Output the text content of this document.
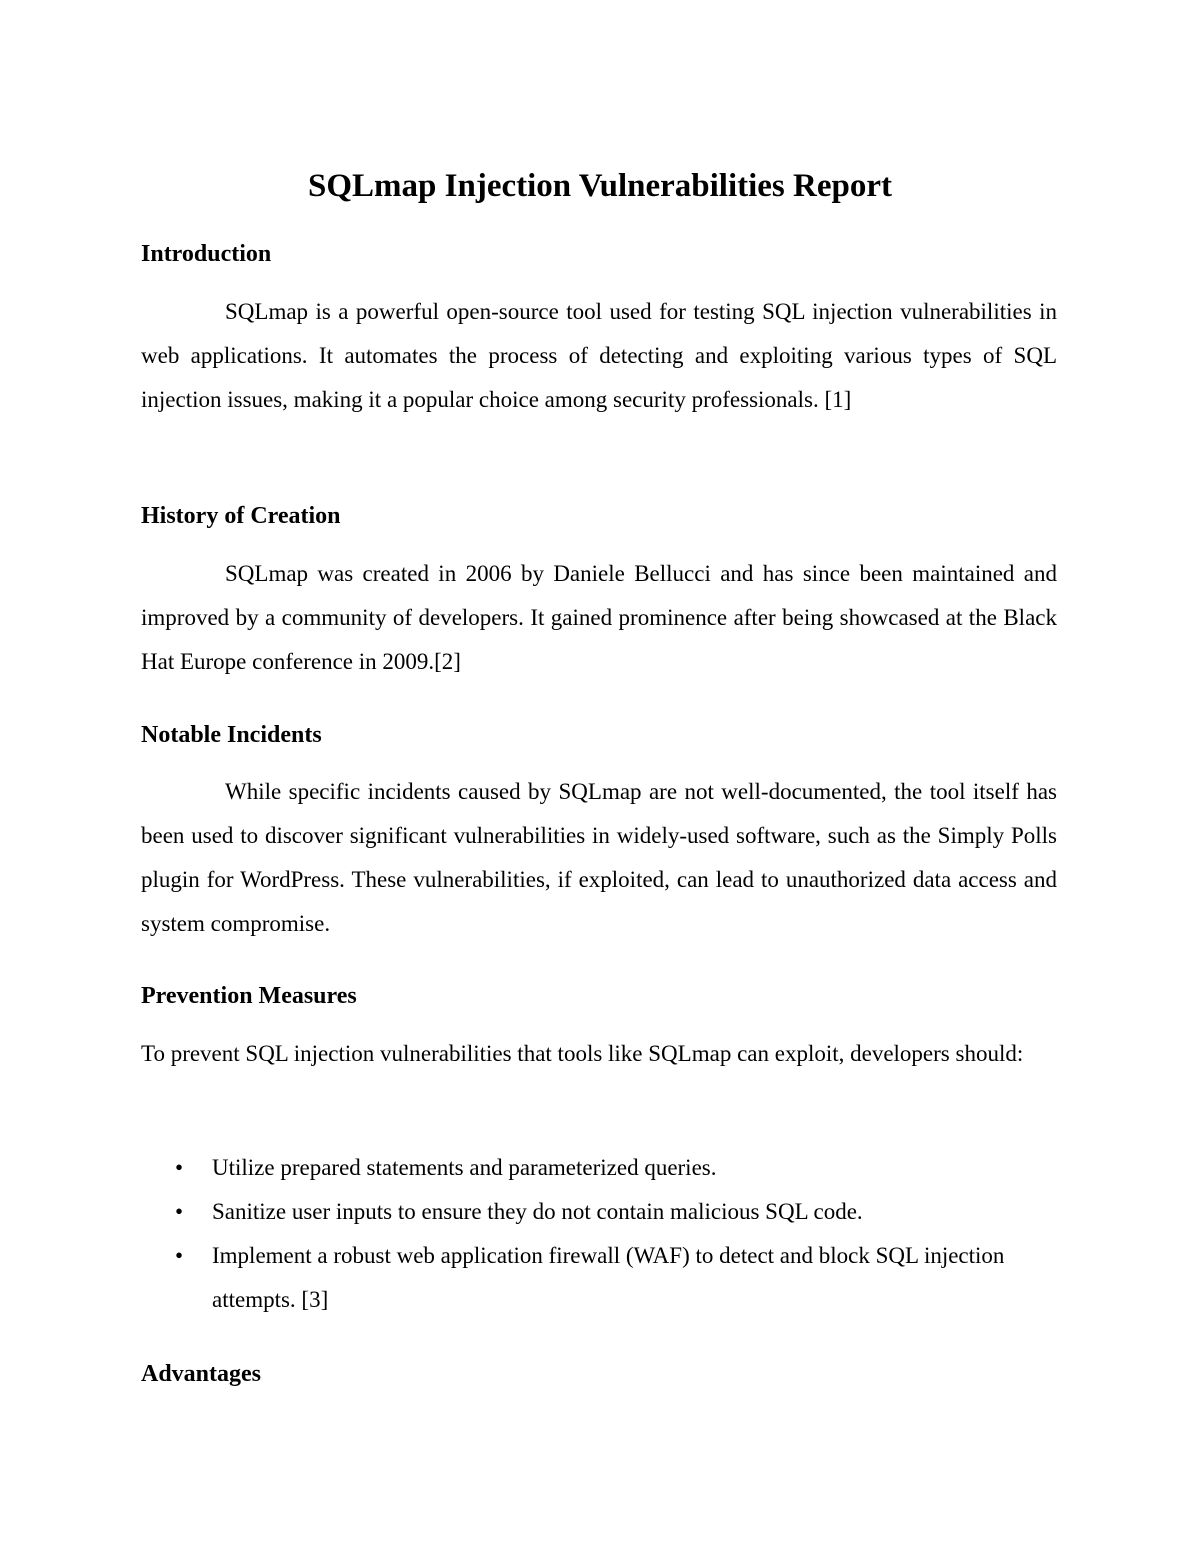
SQLmap Injection Vulnerabilities Report
Introduction

SQLmap is a powerful open-source tool used for testing SQL injection vulnerabilities in web applications. It automates the process of detecting and exploiting various types of SQL injection issues, making it a popular choice among security professionals. [1]

History of Creation

SQLmap was created in 2006 by Daniele Bellucci and has since been maintained and improved by a community of developers. It gained prominence after being showcased at the Black Hat Europe conference in 2009.[2]

Notable Incidents

While specific incidents caused by SQLmap are not well-documented, the tool itself has been used to discover significant vulnerabilities in widely-used software, such as the Simply Polls plugin for WordPress. These vulnerabilities, if exploited, can lead to unauthorized data access and system compromise.

Prevention Measures

To prevent SQL injection vulnerabilities that tools like SQLmap can exploit, developers should:

• Utilize prepared statements and parameterized queries.
• Sanitize user inputs to ensure they do not contain malicious SQL code.
• Implement a robust web application firewall (WAF) to detect and block SQL injection attempts. [3]
Advantages
